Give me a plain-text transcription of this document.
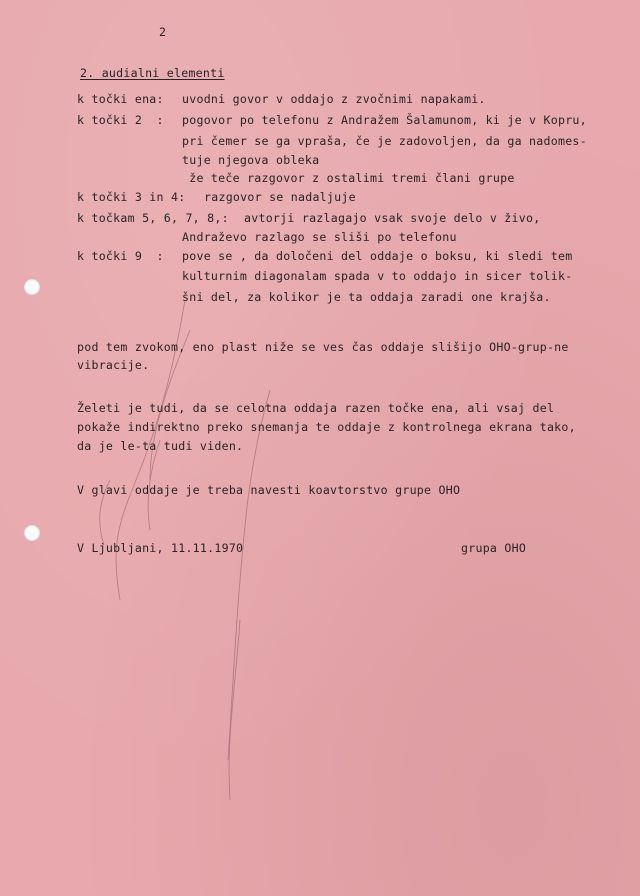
2
2. audialni elementi
k točki ena: uvodni govor v oddajo z zvočnimi napakami.
k točki 2  : pogovor po telefonu z Andražem Šalamunom, ki je v Kopru,
pri čemer se ga vpraša, če je zadovoljen, da ga nadomes-
tuje njegova obleka
že teče razgovor z ostalimi tremi člani grupe
k točki 3 in 4: razgovor se nadaljuje
k točkam 5, 6, 7, 8,: avtorji razlagajo vsak svoje delo v živo,
Andraževo razlago se sliši po telefonu
k točki 9  : pove se , da določeni del oddaje o boksu, ki sledi tem
kulturnim diagonalam spada v to oddajo in sicer tolik-
šni del, za kolikor je ta oddaja zaradi one krajša.
pod tem zvokom, eno plast niže se ves čas oddaje slišijo OHO-grup-ne
vibracije.
Želeti je tudi, da se celotna oddaja razen točke ena, ali vsaj del
pokaže indirektno preko snemanja te oddaje z kontrolnega ekrana tako,
da je le-ta tudi viden.
V glavi oddaje je treba navesti koavtorstvo grupe OHO
V Ljubljani, 11.11.1970	grupa OHO
